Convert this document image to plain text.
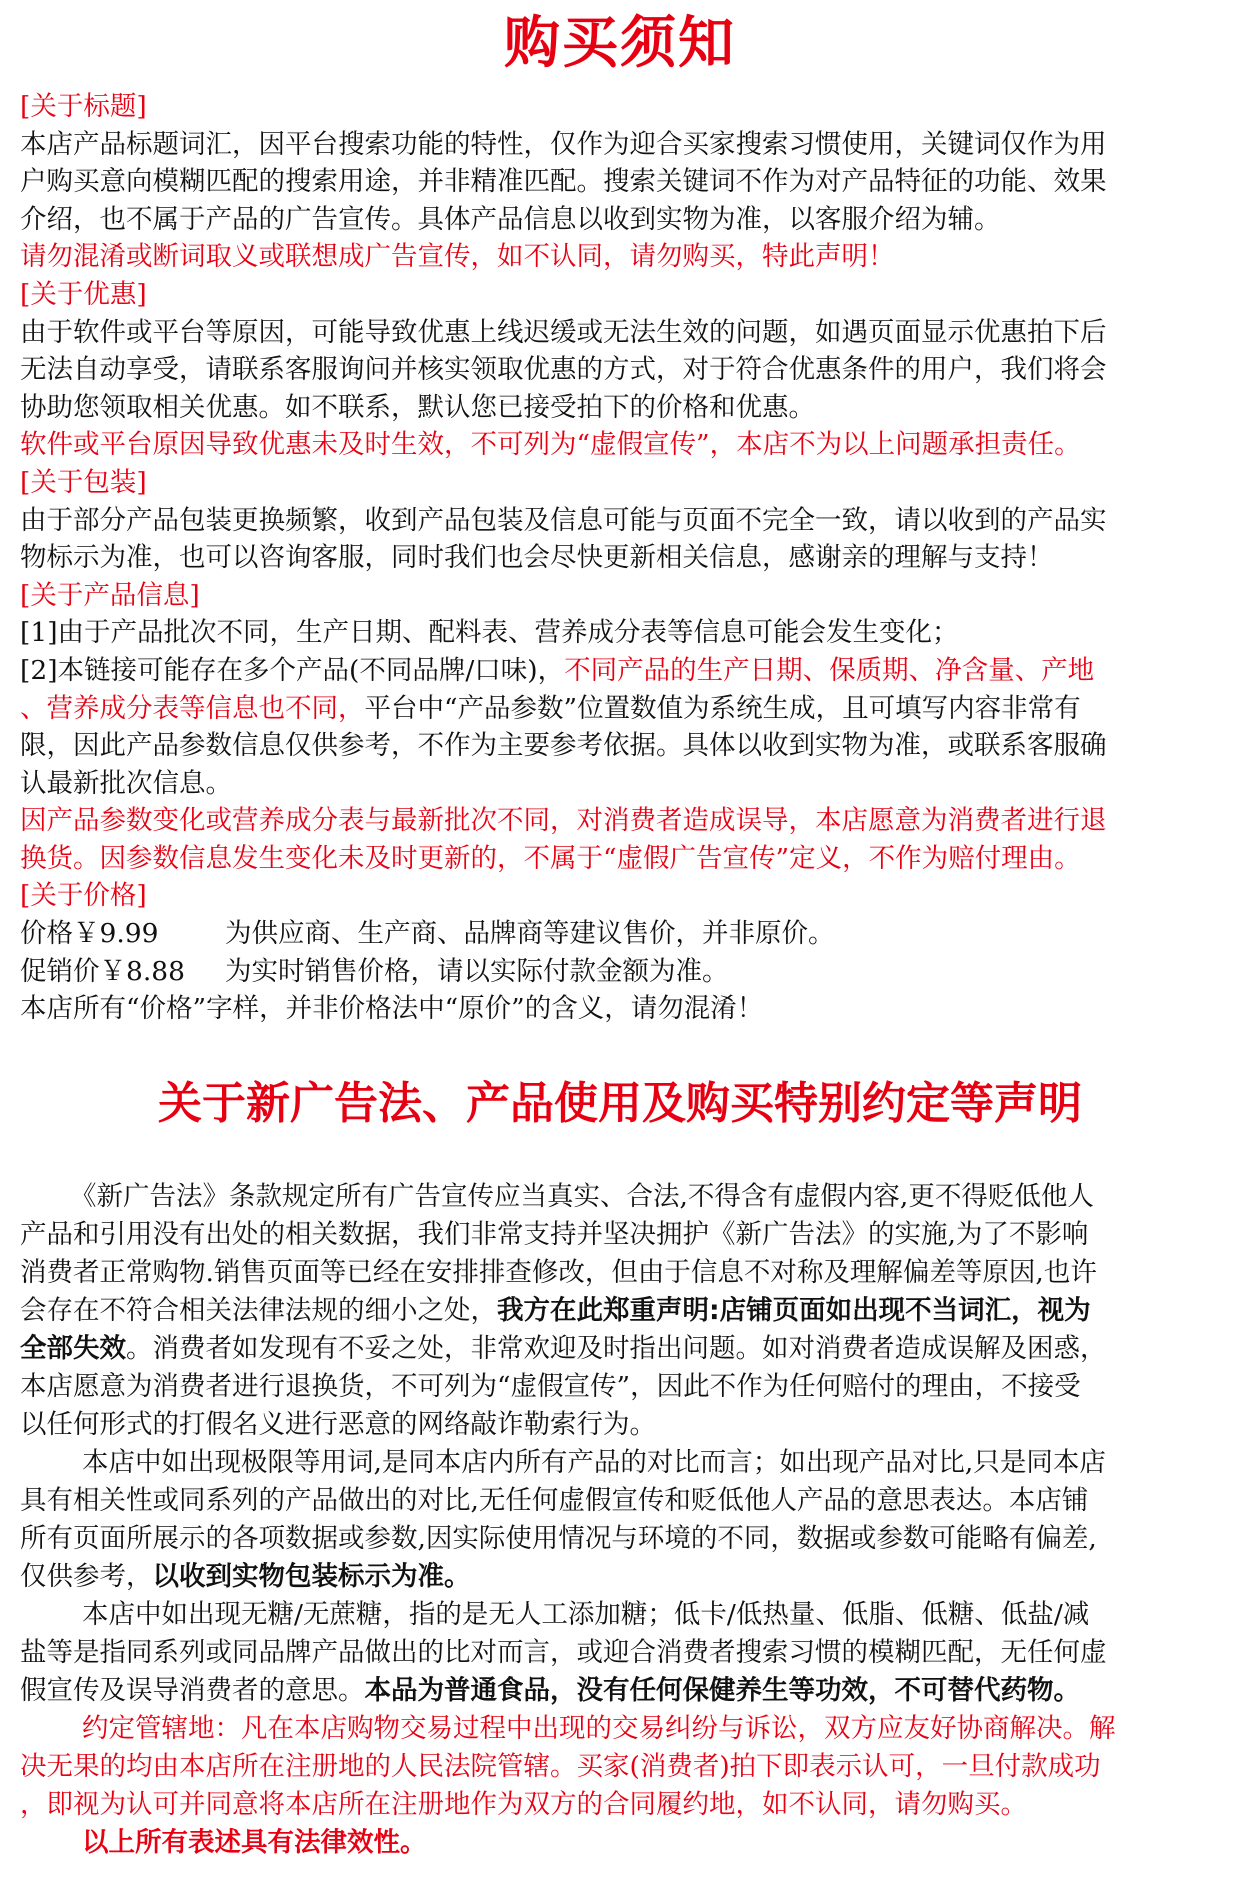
购买须知
[关于标题]
本店产品标题词汇，因平台搜索功能的特性，仅作为迎合买家搜索习惯使用，关键词仅作为用
户购买意向模糊匹配的搜索用途，并非精准匹配。搜索关键词不作为对产品特征的功能、效果
介绍，也不属于产品的广告宣传。具体产品信息以收到实物为准，以客服介绍为辅。
请勿混淆或断词取义或联想成广告宣传，如不认同，请勿购买，特此声明！
[关于优惠]
由于软件或平台等原因，可能导致优惠上线迟缓或无法生效的问题，如遇页面显示优惠拍下后
无法自动享受，请联系客服询问并核实领取优惠的方式，对于符合优惠条件的用户，我们将会
协助您领取相关优惠。如不联系，默认您已接受拍下的价格和优惠。
软件或平台原因导致优惠未及时生效，不可列为“虚假宣传”，本店不为以上问题承担责任。
[关于包装]
由于部分产品包装更换频繁，收到产品包装及信息可能与页面不完全一致，请以收到的产品实
物标示为准，也可以咨询客服，同时我们也会尽快更新相关信息，感谢亲的理解与支持！
[关于产品信息]
[1]由于产品批次不同，生产日期、配料表、营养成分表等信息可能会发生变化；
[2]本链接可能存在多个产品(不同品牌/口味)，不同产品的生产日期、保质期、净含量、产地
、营养成分表等信息也不同，平台中“产品参数”位置数值为系统生成，且可填写内容非常有
限，因此产品参数信息仅供参考，不作为主要参考依据。具体以收到实物为准，或联系客服确
认最新批次信息。
因产品参数变化或营养成分表与最新批次不同，对消费者造成误导，本店愿意为消费者进行退
换货。因参数信息发生变化未及时更新的，不属于“虚假广告宣传”定义，不作为赔付理由。
[关于价格]
价格￥9.99	为供应商、生产商、品牌商等建议售价，并非原价。
促销价￥8.88 为实时销售价格，请以实际付款金额为准。
本店所有“价格”字样，并非价格法中“原价”的含义，请勿混淆！
关于新广告法、产品使用及购买特别约定等声明
《新广告法》条款规定所有广告宣传应当真实、合法,不得含有虚假内容,更不得贬低他人
产品和引用没有出处的相关数据，我们非常支持并坚决拥护《新广告法》的实施,为了不影响
消费者正常购物.销售页面等已经在安排排查修改，但由于信息不对称及理解偏差等原因,也许
会存在不符合相关法律法规的细小之处，我方在此郑重声明:店铺页面如出现不当词汇，视为
全部失效。消费者如发现有不妥之处，非常欢迎及时指出问题。如对消费者造成误解及困惑，
本店愿意为消费者进行退换货，不可列为“虚假宣传”，因此不作为任何赔付的理由，不接受
以任何形式的打假名义进行恶意的网络敲诈勒索行为。
本店中如出现极限等用词,是同本店内所有产品的对比而言；如出现产品对比,只是同本店
具有相关性或同系列的产品做出的对比,无任何虚假宣传和贬低他人产品的意思表达。本店铺
所有页面所展示的各项数据或参数,因实际使用情况与环境的不同，数据或参数可能略有偏差,
仅供参考，以收到实物包装标示为准。
本店中如出现无糖/无蔗糖，指的是无人工添加糖；低卡/低热量、低脂、低糖、低盐/减
盐等是指同系列或同品牌产品做出的比对而言，或迎合消费者搜索习惯的模糊匹配，无任何虚
假宣传及误导消费者的意思。本品为普通食品，没有任何保健养生等功效，不可替代药物。
约定管辖地：凡在本店购物交易过程中出现的交易纠纷与诉讼，双方应友好协商解决。解
决无果的均由本店所在注册地的人民法院管辖。买家(消费者)拍下即表示认可，一旦付款成功
，即视为认可并同意将本店所在注册地作为双方的合同履约地，如不认同，请勿购买。
以上所有表述具有法律效性。
